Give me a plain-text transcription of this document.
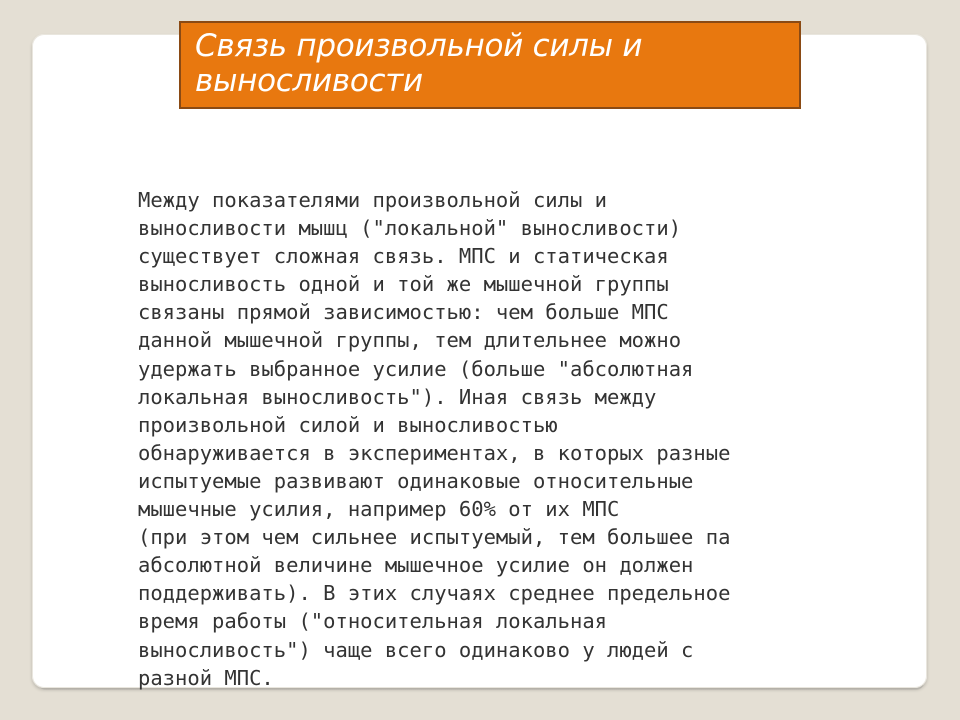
Связь произвольной силы и выносливости

Между показателями произвольной силы и
выносливости мышц ("локальной" выносливости)
существует сложная связь. МПС и статическая
выносливость одной и той же мышечной группы
связаны прямой зависимостью: чем больше МПС
данной мышечной группы, тем длительнее можно
удержать выбранное усилие (больше "абсолютная
локальная выносливость"). Иная связь между
произвольной силой и выносливостью
обнаруживается в экспериментах, в которых разные
испытуемые развивают одинаковые относительные
мышечные усилия, например 60% от их МПС
(при этом чем сильнее испытуемый, тем большее па
абсолютной величине мышечное усилие он должен
поддерживать). В этих случаях среднее предельное
время работы ("относительная локальная
выносливость") чаще всего одинаково у людей с
разной МПС.
